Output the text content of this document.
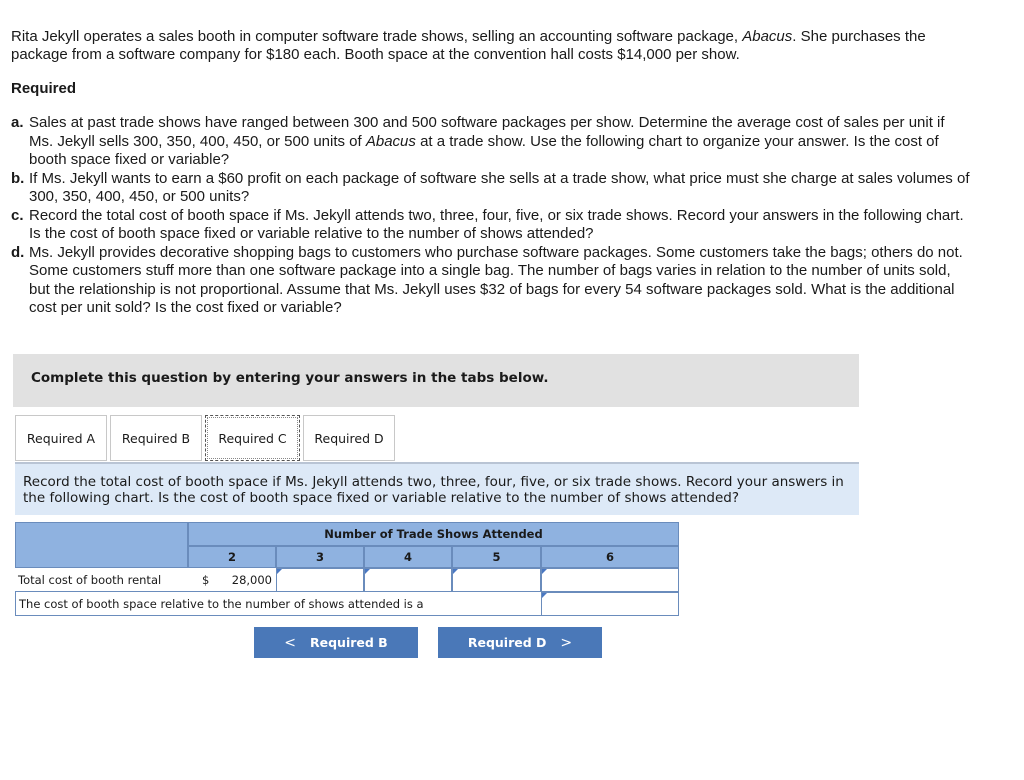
Rita Jekyll operates a sales booth in computer software trade shows, selling an accounting software package, Abacus. She purchases the package from a software company for $180 each. Booth space at the convention hall costs $14,000 per show.
Required
a. Sales at past trade shows have ranged between 300 and 500 software packages per show. Determine the average cost of sales per unit if Ms. Jekyll sells 300, 350, 400, 450, or 500 units of Abacus at a trade show. Use the following chart to organize your answer. Is the cost of booth space fixed or variable?
b. If Ms. Jekyll wants to earn a $60 profit on each package of software she sells at a trade show, what price must she charge at sales volumes of 300, 350, 400, 450, or 500 units?
c. Record the total cost of booth space if Ms. Jekyll attends two, three, four, five, or six trade shows. Record your answers in the following chart. Is the cost of booth space fixed or variable relative to the number of shows attended?
d. Ms. Jekyll provides decorative shopping bags to customers who purchase software packages. Some customers take the bags; others do not. Some customers stuff more than one software package into a single bag. The number of bags varies in relation to the number of units sold, but the relationship is not proportional. Assume that Ms. Jekyll uses $32 of bags for every 54 software packages sold. What is the additional cost per unit sold? Is the cost fixed or variable?
Complete this question by entering your answers in the tabs below.
Required A	Required B	Required C	Required D
Record the total cost of booth space if Ms. Jekyll attends two, three, four, five, or six trade shows. Record your answers in the following chart. Is the cost of booth space fixed or variable relative to the number of shows attended?
Number of Trade Shows Attended
2	3	4	5	6
Total cost of booth rental	$ 28,000
The cost of booth space relative to the number of shows attended is a
< Required B	Required D >
